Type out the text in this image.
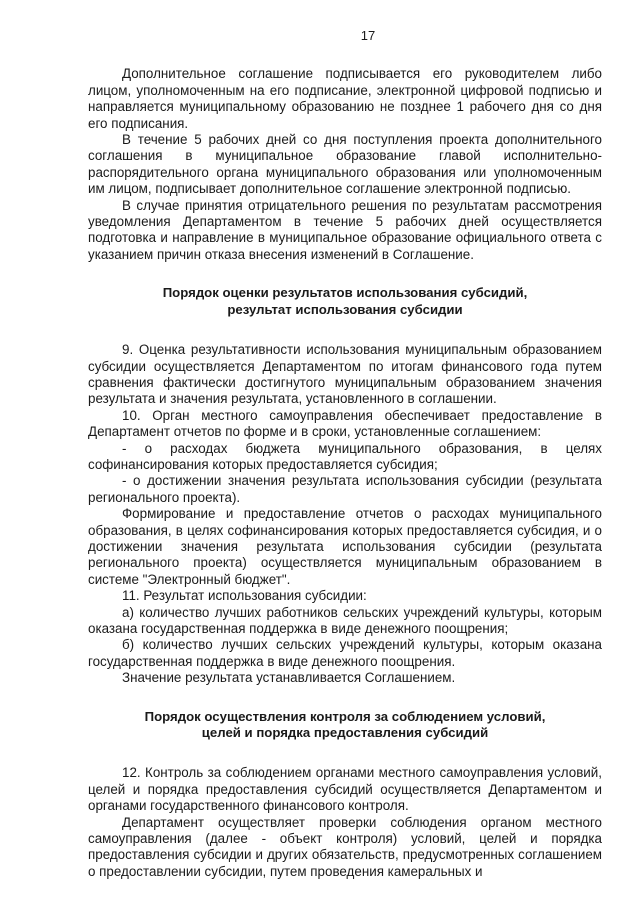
17

Дополнительное соглашение подписывается его руководителем либо лицом, уполномоченным на его подписание, электронной цифровой подписью и направляется муниципальному образованию не позднее 1 рабочего дня со дня его подписания.

В течение 5 рабочих дней со дня поступления проекта дополнительного соглашения в муниципальное образование главой исполнительно-распорядительного органа муниципального образования или уполномоченным им лицом, подписывает дополнительное соглашение электронной подписью.

В случае принятия отрицательного решения по результатам рассмотрения уведомления Департаментом в течение 5 рабочих дней осуществляется подготовка и направление в муниципальное образование официального ответа с указанием причин отказа внесения изменений в Соглашение.

Порядок оценки результатов использования субсидий,
результат использования субсидии

9. Оценка результативности использования муниципальным образованием субсидии осуществляется Департаментом по итогам финансового года путем сравнения фактически достигнутого муниципальным образованием значения результата и значения результата, установленного в соглашении.

10. Орган местного самоуправления обеспечивает предоставление в Департамент отчетов по форме и в сроки, установленные соглашением:

- о расходах бюджета муниципального образования, в целях софинансирования которых предоставляется субсидия;

- о достижении значения результата использования субсидии (результата регионального проекта).

Формирование и предоставление отчетов о расходах муниципального образования, в целях софинансирования которых предоставляется субсидия, и о достижении значения результата использования субсидии (результата регионального проекта) осуществляется муниципальным образованием в системе "Электронный бюджет".

11. Результат использования субсидии:

а) количество лучших работников сельских учреждений культуры, которым оказана государственная поддержка в виде денежного поощрения;

б) количество лучших сельских учреждений культуры, которым оказана государственная поддержка в виде денежного поощрения.

Значение результата устанавливается Соглашением.

Порядок осуществления контроля за соблюдением условий,
целей и порядка предоставления субсидий

12. Контроль за соблюдением органами местного самоуправления условий, целей и порядка предоставления субсидий осуществляется Департаментом и органами государственного финансового контроля.

Департамент осуществляет проверки соблюдения органом местного самоуправления (далее - объект контроля) условий, целей и порядка предоставления субсидии и других обязательств, предусмотренных соглашением о предоставлении субсидии, путем проведения камеральных и
